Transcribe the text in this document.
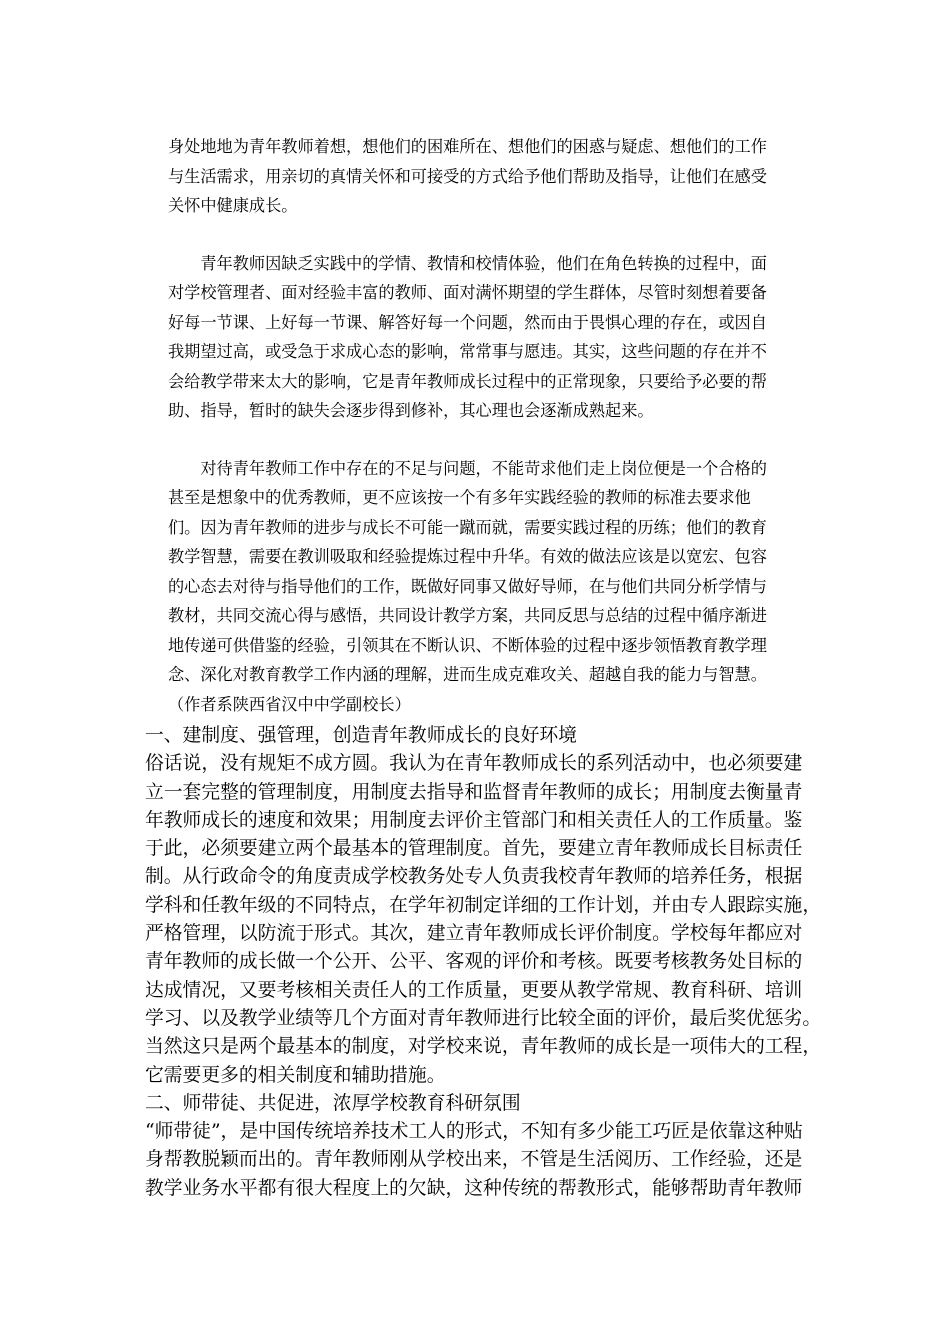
身处地地为青年教师着想，想他们的困难所在、想他们的困惑与疑虑、想他们的工作

与生活需求，用亲切的真情关怀和可接受的方式给予他们帮助及指导，让他们在感受

关怀中健康成长。

　　青年教师因缺乏实践中的学情、教情和校情体验，他们在角色转换的过程中，面

对学校管理者、面对经验丰富的教师、面对满怀期望的学生群体，尽管时刻想着要备

好每一节课、上好每一节课、解答好每一个问题，然而由于畏惧心理的存在，或因自

我期望过高，或受急于求成心态的影响，常常事与愿违。其实，这些问题的存在并不

会给教学带来太大的影响，它是青年教师成长过程中的正常现象，只要给予必要的帮

助、指导，暂时的缺失会逐步得到修补，其心理也会逐渐成熟起来。

　　对待青年教师工作中存在的不足与问题，不能苛求他们走上岗位便是一个合格的

甚至是想象中的优秀教师，更不应该按一个有多年实践经验的教师的标准去要求他

们。因为青年教师的进步与成长不可能一蹴而就，需要实践过程的历练；他们的教育

教学智慧，需要在教训吸取和经验提炼过程中升华。有效的做法应该是以宽宏、包容

的心态去对待与指导他们的工作，既做好同事又做好导师，在与他们共同分析学情与

教材，共同交流心得与感悟，共同设计教学方案，共同反思与总结的过程中循序渐进

地传递可供借鉴的经验，引领其在不断认识、不断体验的过程中逐步领悟教育教学理

念、深化对教育教学工作内涵的理解，进而生成克难攻关、超越自我的能力与智慧。

（作者系陕西省汉中中学副校长）

一、建制度、强管理，创造青年教师成长的良好环境

俗话说，没有规矩不成方圆。我认为在青年教师成长的系列活动中，也必须要建

立一套完整的管理制度，用制度去指导和监督青年教师的成长；用制度去衡量青

年教师成长的速度和效果；用制度去评价主管部门和相关责任人的工作质量。鉴

于此，必须要建立两个最基本的管理制度。首先，要建立青年教师成长目标责任

制。从行政命令的角度责成学校教务处专人负责我校青年教师的培养任务，根据

学科和任教年级的不同特点，在学年初制定详细的工作计划，并由专人跟踪实施，

严格管理，以防流于形式。其次，建立青年教师成长评价制度。学校每年都应对

青年教师的成长做一个公开、公平、客观的评价和考核。既要考核教务处目标的

达成情况，又要考核相关责任人的工作质量，更要从教学常规、教育科研、培训

学习、以及教学业绩等几个方面对青年教师进行比较全面的评价，最后奖优惩劣。

当然这只是两个最基本的制度，对学校来说，青年教师的成长是一项伟大的工程，

它需要更多的相关制度和辅助措施。

二、师带徒、共促进，浓厚学校教育科研氛围

“师带徒”，是中国传统培养技术工人的形式，不知有多少能工巧匠是依靠这种贴

身帮教脱颖而出的。青年教师刚从学校出来，不管是生活阅历、工作经验，还是

教学业务水平都有很大程度上的欠缺，这种传统的帮教形式，能够帮助青年教师
